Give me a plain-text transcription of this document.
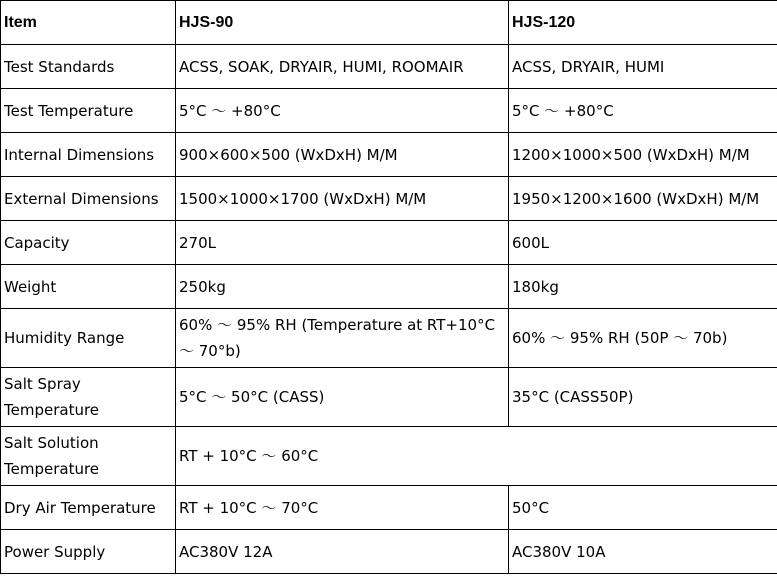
Item	HJS-90	HJS-120
Test Standards	ACSS, SOAK, DRYAIR, HUMI, ROOMAIR	ACSS, DRYAIR, HUMI
Test Temperature	5°C ～ +80°C	5°C ～ +80°C
Internal Dimensions	900×600×500 (WxDxH) M/M	1200×1000×500 (WxDxH) M/M
External Dimensions	1500×1000×1700 (WxDxH) M/M	1950×1200×1600 (WxDxH) M/M
Capacity	270L	600L
Weight	250kg	180kg
Humidity Range	60% ～ 95% RH (Temperature at RT+10°C ～ 70°b)	60% ～ 95% RH (50P ～ 70b)
Salt Spray Temperature	5°C ～ 50°C (CASS)	35°C (CASS50P)
Salt Solution Temperature	RT + 10°C ～ 60°C	
Dry Air Temperature	RT + 10°C ～ 70°C	50°C
Power Supply	AC380V 12A	AC380V 10A
